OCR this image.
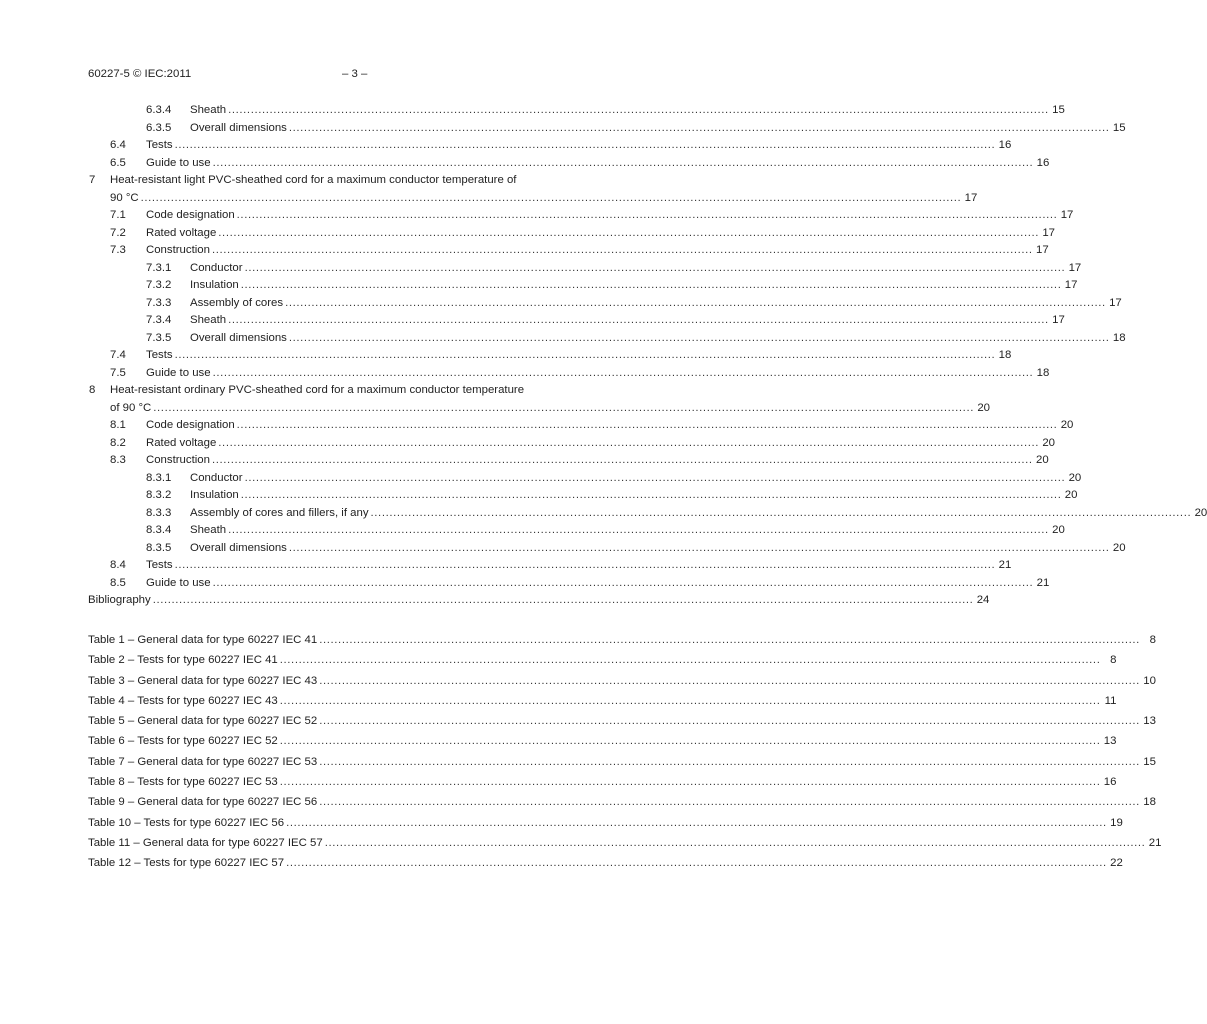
60227-5 © IEC:2011	– 3 –
6.3.4 Sheath .......................................................................................................................................................................................................................... 15
6.3.5 Overall dimensions .......................................................................................................................................................................................................................... 15
6.4 Tests .......................................................................................................................................................................................................................... 16
6.5 Guide to use .......................................................................................................................................................................................................................... 16
7 Heat-resistant light PVC-sheathed cord for a maximum conductor temperature of
90 °C .......................................................................................................................................................................................................................... 17
7.1 Code designation .......................................................................................................................................................................................................................... 17
7.2 Rated voltage .......................................................................................................................................................................................................................... 17
7.3 Construction .......................................................................................................................................................................................................................... 17
7.3.1 Conductor .......................................................................................................................................................................................................................... 17
7.3.2 Insulation .......................................................................................................................................................................................................................... 17
7.3.3 Assembly of cores .......................................................................................................................................................................................................................... 17
7.3.4 Sheath .......................................................................................................................................................................................................................... 17
7.3.5 Overall dimensions .......................................................................................................................................................................................................................... 18
7.4 Tests .......................................................................................................................................................................................................................... 18
7.5 Guide to use .......................................................................................................................................................................................................................... 18
8 Heat-resistant ordinary PVC-sheathed cord for a maximum conductor temperature
of 90 °C .......................................................................................................................................................................................................................... 20
8.1 Code designation .......................................................................................................................................................................................................................... 20
8.2 Rated voltage .......................................................................................................................................................................................................................... 20
8.3 Construction .......................................................................................................................................................................................................................... 20
8.3.1 Conductor .......................................................................................................................................................................................................................... 20
8.3.2 Insulation .......................................................................................................................................................................................................................... 20
8.3.3 Assembly of cores and fillers, if any .......................................................................................................................................................................................................................... 20
8.3.4 Sheath .......................................................................................................................................................................................................................... 20
8.3.5 Overall dimensions .......................................................................................................................................................................................................................... 20
8.4 Tests .......................................................................................................................................................................................................................... 21
8.5 Guide to use .......................................................................................................................................................................................................................... 21
Bibliography .......................................................................................................................................................................................................................... 24
Table 1 – General data for type 60227 IEC 41 .......................................................................................................................................................................................................................... 8
Table 2 – Tests for type 60227 IEC 41 .......................................................................................................................................................................................................................... 8
Table 3 – General data for type 60227 IEC 43 .......................................................................................................................................................................................................................... 10
Table 4 – Tests for type 60227 IEC 43 .......................................................................................................................................................................................................................... 11
Table 5 – General data for type 60227 IEC 52 .......................................................................................................................................................................................................................... 13
Table 6 – Tests for type 60227 IEC 52 .......................................................................................................................................................................................................................... 13
Table 7 – General data for type 60227 IEC 53 .......................................................................................................................................................................................................................... 15
Table 8 – Tests for type 60227 IEC 53 .......................................................................................................................................................................................................................... 16
Table 9 – General data for type 60227 IEC 56 .......................................................................................................................................................................................................................... 18
Table 10 – Tests for type 60227 IEC 56 .......................................................................................................................................................................................................................... 19
Table 11 – General data for type 60227 IEC 57 .......................................................................................................................................................................................................................... 21
Table 12 – Tests for type 60227 IEC 57 .......................................................................................................................................................................................................................... 22
